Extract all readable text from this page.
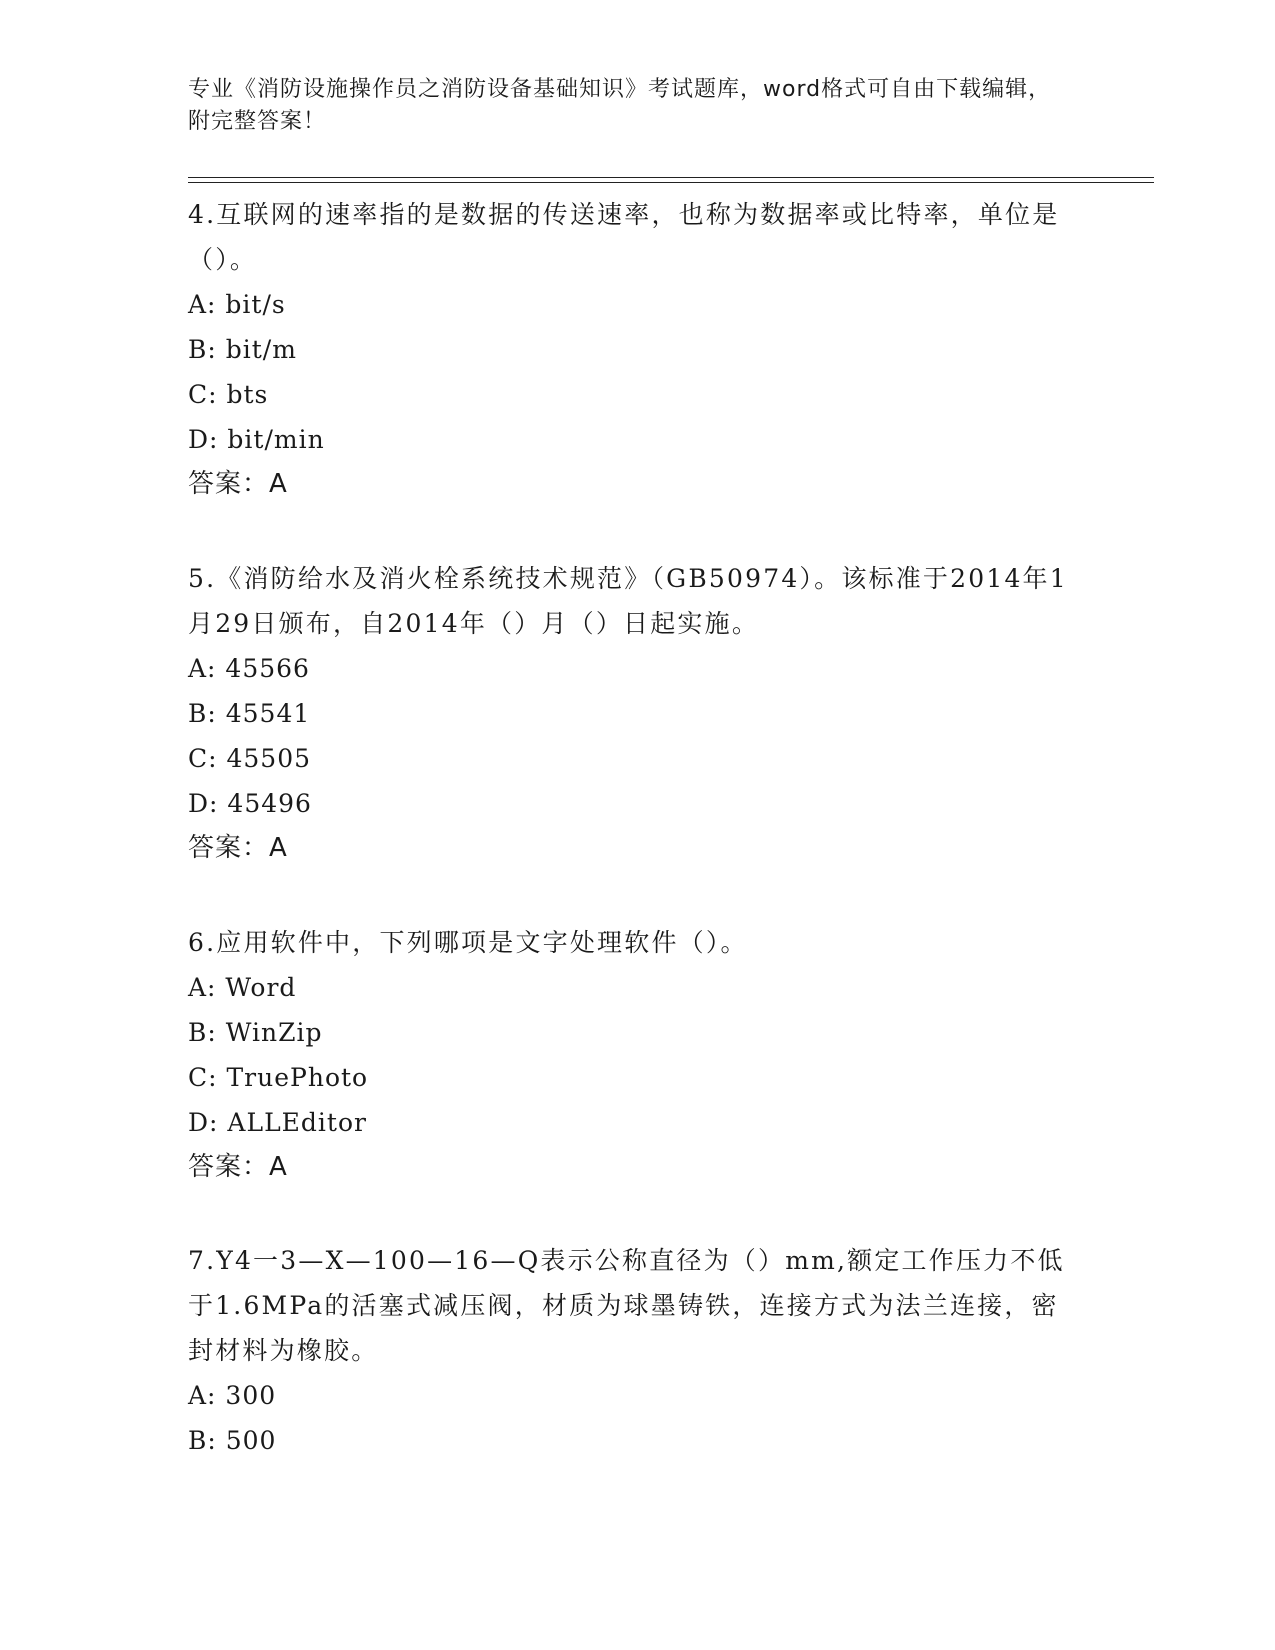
专业《消防设施操作员之消防设备基础知识》考试题库，word格式可自由下载编辑，附完整答案！
4.互联网的速率指的是数据的传送速率，也称为数据率或比特率，单位是（）。
A: bit/s
B: bit/m
C: bts
D: bit/min
答案：A
5.《消防给水及消火栓系统技术规范》（GB50974）。该标准于2014年1月29日颁布，自2014年（）月（）日起实施。
A: 45566
B: 45541
C: 45505
D: 45496
答案：A
6.应用软件中，下列哪项是文字处理软件（）。
A: Word
B: WinZip
C: TruePhoto
D: ALLEditor
答案：A
7.Y4一3—X—100—16—Q表示公称直径为（）mm,额定工作压力不低于1.6MPa的活塞式减压阀，材质为球墨铸铁，连接方式为法兰连接，密封材料为橡胶。
A: 300
B: 500
